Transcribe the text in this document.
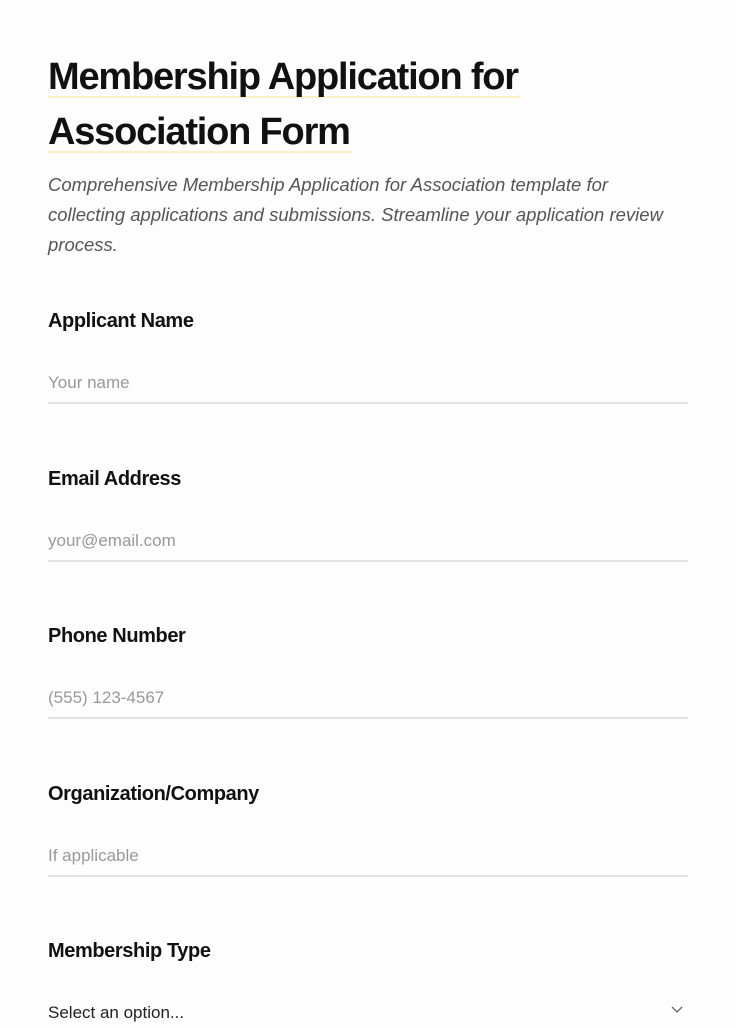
Membership Application for
Association Form

Comprehensive Membership Application for Association template for collecting applications and submissions. Streamline your application review process.

Applicant Name
Your name
Email Address
your@email.com
Phone Number
(555) 123-4567
Organization/Company
If applicable
Membership Type
Select an option...
